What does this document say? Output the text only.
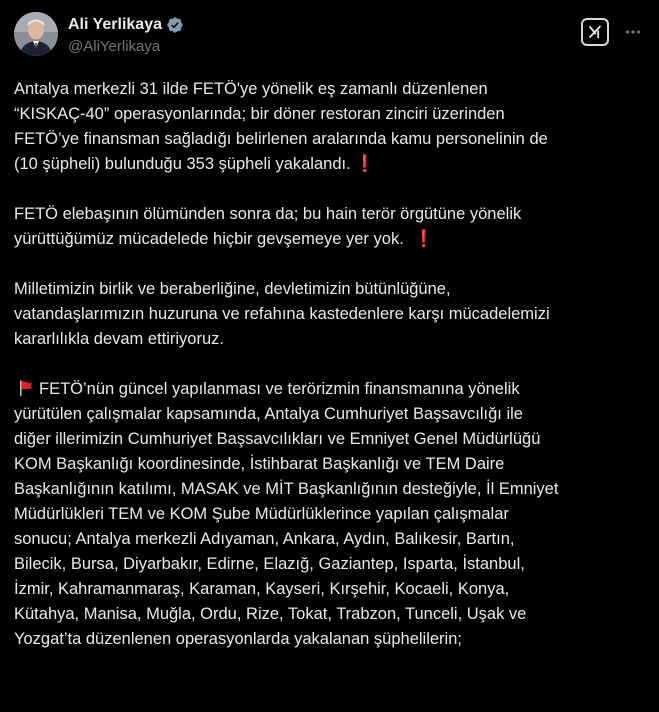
Ali Yerlikaya
@AliYerlikaya
Antalya merkezli 31 ilde FETÖ'ye yönelik eş zamanlı düzenlenen
“KISKAÇ-40” operasyonlarında; bir döner restoran zinciri üzerinden
FETÖ’ye finansman sağladığı belirlenen aralarında kamu personelinin de
(10 şüpheli) bulunduğu 353 şüpheli yakalandı. ❗
FETÖ elebaşının ölümünden sonra da; bu hain terör örgütüne yönelik
yürüttüğümüz mücadelede hiçbir gevşemeye yer yok. ❗
Milletimizin birlik ve beraberliğine, devletimizin bütünlüğüne,
vatandaşlarımızın huzuruna ve refahına kastedenlere karşı mücadelemizi
kararlılıkla devam ettiriyoruz.
FETÖ’nün güncel yapılanması ve terörizmin finansmanına yönelik
yürütülen çalışmalar kapsamında, Antalya Cumhuriyet Başsavcılığı ile
diğer illerimizin Cumhuriyet Başsavcılıkları ve Emniyet Genel Müdürlüğü
KOM Başkanlığı koordinesinde, İstihbarat Başkanlığı ve TEM Daire
Başkanlığının katılımı, MASAK ve MİT Başkanlığının desteğiyle, İl Emniyet
Müdürlükleri TEM ve KOM Şube Müdürlüklerince yapılan çalışmalar
sonucu; Antalya merkezli Adıyaman, Ankara, Aydın, Balıkesir, Bartın,
Bilecik, Bursa, Diyarbakır, Edirne, Elazığ, Gaziantep, Isparta, İstanbul,
İzmir, Kahramanmaraş, Karaman, Kayseri, Kırşehir, Kocaeli, Konya,
Kütahya, Manisa, Muğla, Ordu, Rize, Tokat, Trabzon, Tunceli, Uşak ve
Yozgat’ta düzenlenen operasyonlarda yakalanan şüphelilerin;
